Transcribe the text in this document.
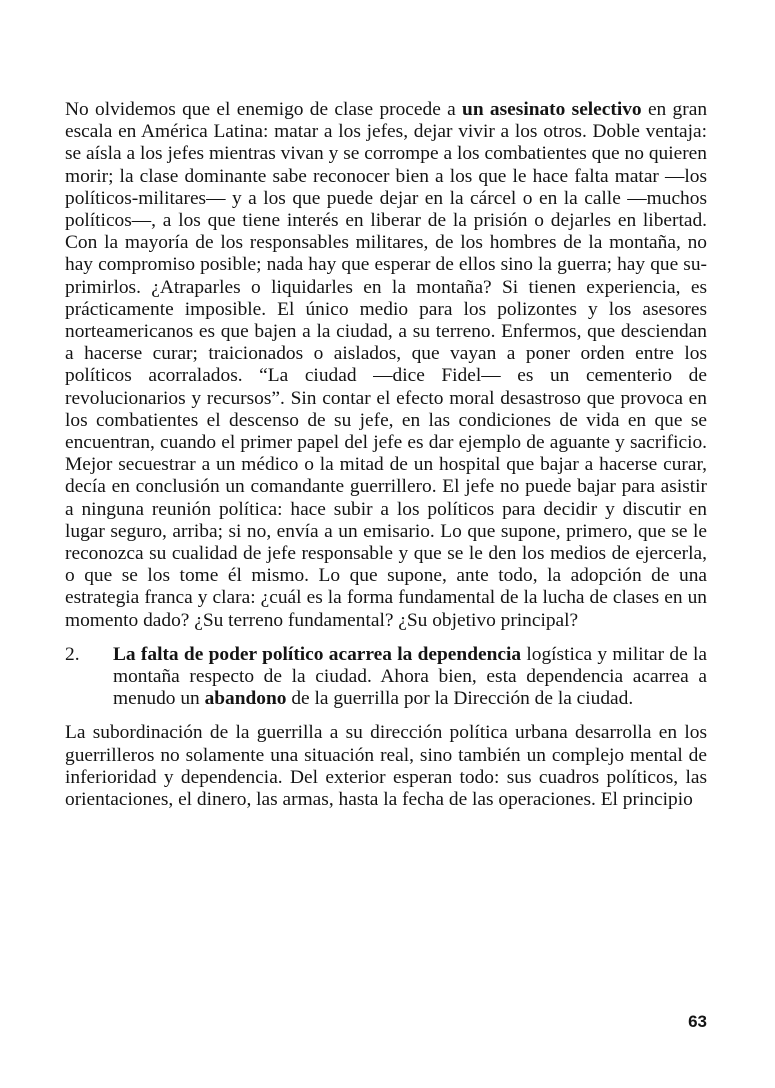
No olvidemos que el enemigo de clase procede a un asesinato selectivo en gran escala en América Latina: matar a los jefes, dejar vivir a los otros. Doble ventaja: se aísla a los jefes mientras vivan y se corrompe a los combatientes que no quieren morir; la clase dominante sabe reconocer bien a los que le hace falta matar —los políticos-militares— y a los que puede dejar en la cárcel o en la calle —muchos políticos—, a los que tiene interés en liberar de la prisión o dejarles en libertad. Con la mayoría de los responsables militares, de los hombres de la montaña, no hay compromiso posible; nada hay que esperar de ellos sino la guerra; hay que suprimirlos. ¿Atraparles o liquidarles en la montaña? Si tienen experiencia, es prácticamente imposible. El único medio para los polizontes y los asesores norteamericanos es que bajen a la ciudad, a su terreno. Enfermos, que desciendan a hacerse curar; traicionados o aislados, que vayan a poner orden entre los políticos acorralados. “La ciudad —dice Fidel— es un cementerio de revolucionarios y recursos”. Sin contar el efecto moral desastroso que provoca en los combatientes el descenso de su jefe, en las condiciones de vida en que se encuentran, cuando el primer papel del jefe es dar ejemplo de aguante y sacrificio. Mejor secuestrar a un médico o la mitad de un hospital que bajar a hacerse curar, decía en conclusión un comandante guerrillero. El jefe no puede bajar para asistir a ninguna reunión política: hace subir a los políticos para decidir y discutir en lugar seguro, arriba; si no, envía a un emisario. Lo que supone, primero, que se le reconozca su cualidad de jefe responsable y que se le den los medios de ejercerla, o que se los tome él mismo. Lo que supone, ante todo, la adopción de una estrategia franca y clara: ¿cuál es la forma fundamental de la lucha de clases en un momento dado? ¿Su terreno fundamental? ¿Su objetivo principal?

2. La falta de poder político acarrea la dependencia logística y militar de la montaña respecto de la ciudad. Ahora bien, esta dependencia acarrea a menudo un abandono de la guerrilla por la Dirección de la ciudad.

La subordinación de la guerrilla a su dirección política urbana desarrolla en los guerrilleros no solamente una situación real, sino también un complejo mental de inferioridad y dependencia. Del exterior esperan todo: sus cuadros políticos, las orientaciones, el dinero, las armas, hasta la fecha de las operaciones. El principio

63
